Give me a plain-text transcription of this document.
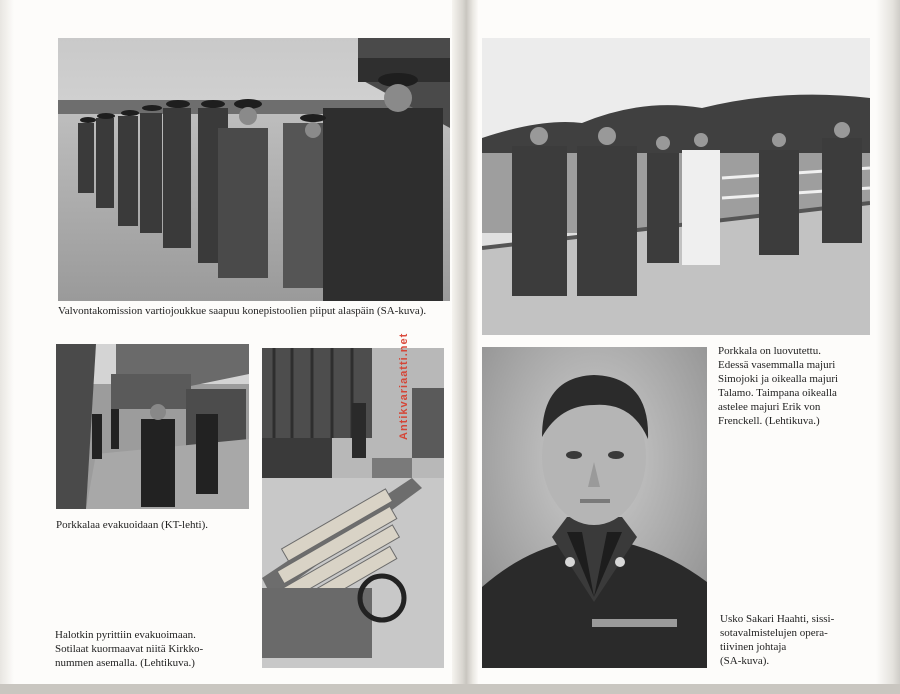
Valvontakomission vartiojoukkue saapuu konepistoolien piiput alaspäin (SA-kuva).
Porkkalaa evakuoidaan (KT-lehti).
Halotkin pyrittiin evakuoimaan.
Sotilaat kuormaavat niitä Kirkko-
nummen asemalla. (Lehtikuva.)
Porkkala on luovutettu.
Edessä vasemmalla majuri
Simojoki ja oikealla majuri
Talamo. Taimpana oikealla
astelee majuri Erik von
Frenckell. (Lehtikuva.)
Usko Sakari Haahti, sissi-
sotavalmistelujen opera-
tiivinen johtaja
(SA-kuva).
Antikvariaatti.net
